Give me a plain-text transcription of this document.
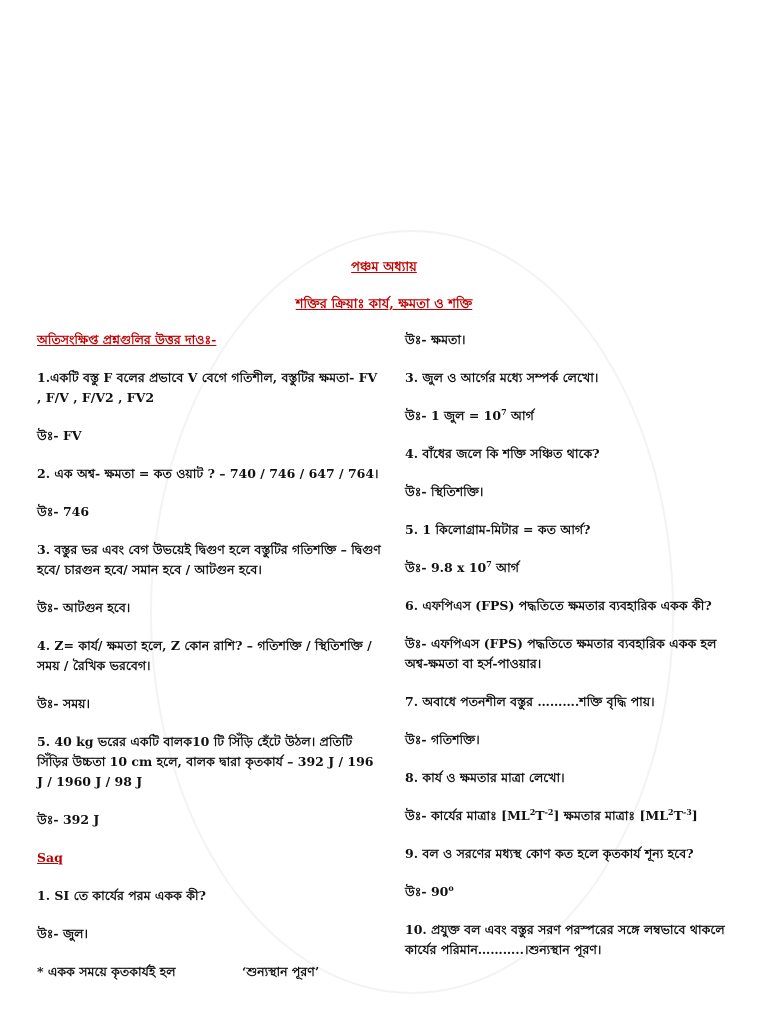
পঞ্চম অধ্যায়
শক্তির ক্রিয়াঃ কার্য, ক্ষমতা ও শক্তি
অতিসংক্ষিপ্ত প্রশ্নগুলির উত্তর দাওঃ-
1.একটি বস্তু F বলের প্রভাবে V বেগে গতিশীল, বস্তুটির ক্ষমতা- FV , F/V , F/V2 , FV2
উঃ- FV
2. এক অশ্ব- ক্ষমতা = কত ওয়াট ? – 740 / 746 / 647 / 764।
উঃ- 746
3. বস্তুর ভর এবং বেগ উভয়েই দ্বিগুণ হলে বস্তুটির গতিশক্তি – দ্বিগুণ হবে/ চারগুন হবে/ সমান হবে / আটগুন হবে।
উঃ- আটগুন হবে।
4. Z= কার্য/ ক্ষমতা হলে, Z কোন রাশি? – গতিশক্তি / স্থিতিশক্তি / সময় / রৈখিক ভরবেগ।
উঃ- সময়।
5. 40 kg ভরের একটি বালক10 টি সিঁড়ি হেঁটে উঠল। প্রতিটি সিঁড়ির উচ্চতা 10 cm হলে, বালক দ্বারা কৃতকার্য – 392 J / 196 J / 1960 J / 98 J
উঃ- 392 J
Saq
1. SI তে কার্যের পরম একক কী?
উঃ- জুল।
* একক সময়ে কৃতকার্যই হল	‘শুন্যস্থান পূরণ’
উঃ- ক্ষমতা।
3. জুল ও আর্গের মধ্যে সম্পর্ক লেখো।
উঃ- 1 জুল = $10^7$ আর্গ
4. বাঁধের জলে কি শক্তি সঞ্চিত থাকে?
উঃ- স্থিতিশক্তি।
5. 1 কিলোগ্রাম-মিটার = কত আর্গ?
উঃ- 9.8 x $10^7$ আর্গ
6. এফপিএস (FPS) পদ্ধতিতে ক্ষমতার ব্যবহারিক একক কী?
উঃ- এফপিএস (FPS) পদ্ধতিতে ক্ষমতার ব্যবহারিক একক হল অশ্ব-ক্ষমতা বা হর্স-পাওয়ার।
7. অবাধে পতনশীল বস্তুর ……….শক্তি বৃদ্ধি পায়।
উঃ- গতিশক্তি।
8. কার্য ও ক্ষমতার মাত্রা লেখো।
উঃ- কার্যের মাত্রাঃ $[ML^2T^{-2}]$ ক্ষমতার মাত্রাঃ $[ML^2T^{-3}]$
9. বল ও সরণের মধ্যস্থ কোণ কত হলে কৃতকার্য শূন্য হবে?
উঃ- 90$^o$
10. প্রযুক্ত বল এবং বস্তুর সরণ পরস্পরের সঙ্গে লম্বভাবে থাকলে কার্যের পরিমান………..।শুন্যস্থান পূরণ।
